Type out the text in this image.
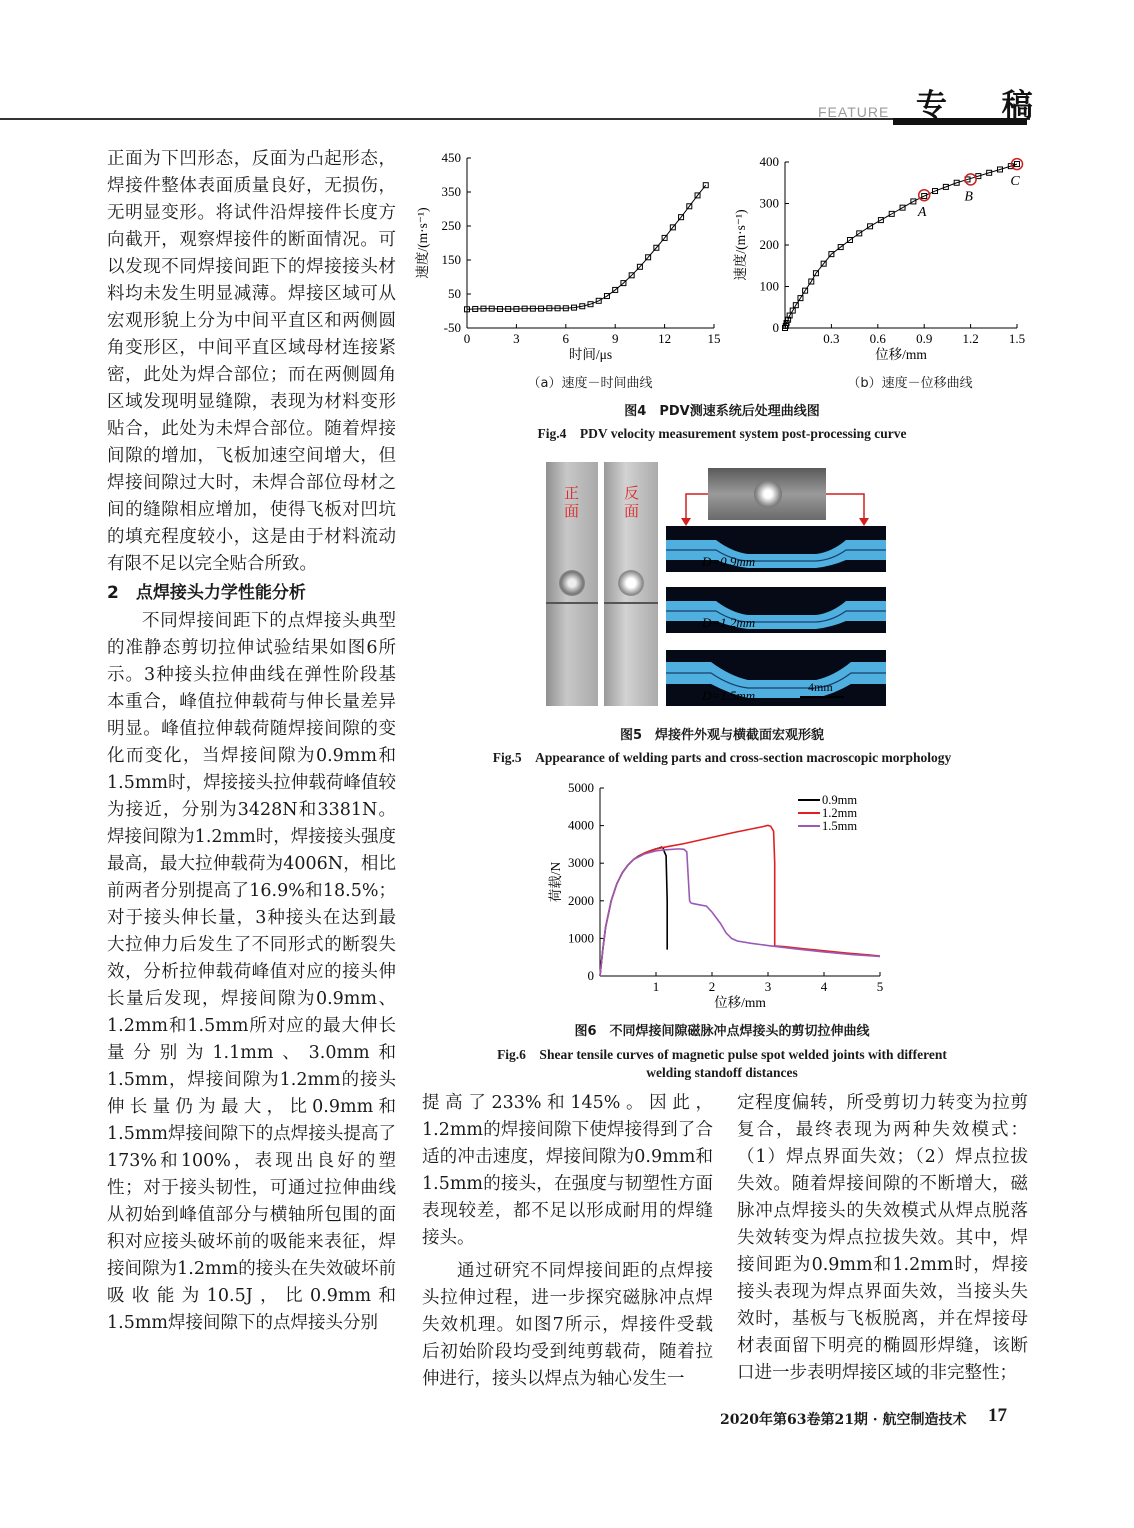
FEATURE 专 稿

正面为下凹形态，反面为凸起形态，焊接件整体表面质量良好，无损伤，无明显变形。将试件沿焊接件长度方向截开，观察焊接件的断面情况。可以发现不同焊接间距下的焊接接头材料均未发生明显减薄。焊接区域可从宏观形貌上分为中间平直区和两侧圆角变形区，中间平直区域母材连接紧密，此处为焊合部位；而在两侧圆角区域发现明显缝隙，表现为材料变形贴合，此处为未焊合部位。随着焊接间隙的增加，飞板加速空间增大，但焊接间隙过大时，未焊合部位母材之间的缝隙相应增加，使得飞板对凹坑的填充程度较小，这是由于材料流动有限不足以完全贴合所致。

2　点焊接头力学性能分析

不同焊接间距下的点焊接头典型的准静态剪切拉伸试验结果如图6所示。3种接头拉伸曲线在弹性阶段基本重合，峰值拉伸载荷与伸长量差异明显。峰值拉伸载荷随焊接间隙的变化而变化，当焊接间隙为0.9mm和1.5mm时，焊接接头拉伸载荷峰值较为接近，分别为3428N和3381N。焊接间隙为1.2mm时，焊接接头强度最高，最大拉伸载荷为4006N，相比前两者分别提高了16.9%和18.5%；对于接头伸长量，3种接头在达到最大拉伸力后发生了不同形式的断裂失效，分析拉伸载荷峰值对应的接头伸长量后发现，焊接间隙为0.9mm、1.2mm和1.5mm所对应的最大伸长量分别为1.1mm、3.0mm和1.5mm，焊接间隙为1.2mm的接头伸长量仍为最大，比0.9mm和1.5mm焊接间隙下的点焊接头提高了173%和100%，表现出良好的塑性；对于接头韧性，可通过拉伸曲线从初始到峰值部分与横轴所包围的面积对应接头破坏前的吸能来表征，焊接间隙为1.2mm的接头在失效破坏前吸收能为10.5J，比0.9mm和1.5mm焊接间隙下的点焊接头分别

提高了233%和145%。因此，1.2mm的焊接间隙下使焊接得到了合适的冲击速度，焊接间隙为0.9mm和1.5mm的接头，在强度与韧塑性方面表现较差，都不足以形成耐用的焊缝接头。

通过研究不同焊接间距的点焊接头拉伸过程，进一步探究磁脉冲点焊失效机理。如图7所示，焊接件受载后初始阶段均受到纯剪载荷，随着拉伸进行，接头以焊点为轴心发生一

定程度偏转，所受剪切力转变为拉剪复合，最终表现为两种失效模式：（1）焊点界面失效；（2）焊点拉拔失效。随着焊接间隙的不断增大，磁脉冲点焊接头的失效模式从焊点脱落失效转变为焊点拉拔失效。其中，焊接间距为0.9mm和1.2mm时，焊接接头表现为焊点界面失效，当接头失效时，基板与飞板脱离，并在焊接母材表面留下明亮的椭圆形焊缝，该断口进一步表明焊接区域的非完整性；

0	3	6	9	12	15
-50
50
150
250
350
450
时间/μs
速度/(m·s⁻¹)
0.3 0.6 0.9 1.2 1.5
0
100
200
300
400
位移/mm
速度/(m·s⁻¹)	A
B
C
（a）速度－时间曲线	（b）速度－位移曲线
图4　PDV测速系统后处理曲线图
Fig.4　PDV velocity measurement system post-processing curve
正面
反面
D=0.9mm
D=1.2mm
D=1.5mm
4mm
图5　焊接件外观与横截面宏观形貌
Fig.5　Appearance of welding parts and cross-section macroscopic morphology
1	2	3	4	5
0
1000
2000
3000
4000
5000
位移/mm
荷载/N
0.9mm
1.2mm
1.5mm
图6　不同焊接间隙磁脉冲点焊接头的剪切拉伸曲线
Fig.6　Shear tensile curves of magnetic pulse spot welded joints with different
welding standoff distances
2020年第63卷第21期 · 航空制造技术 17
